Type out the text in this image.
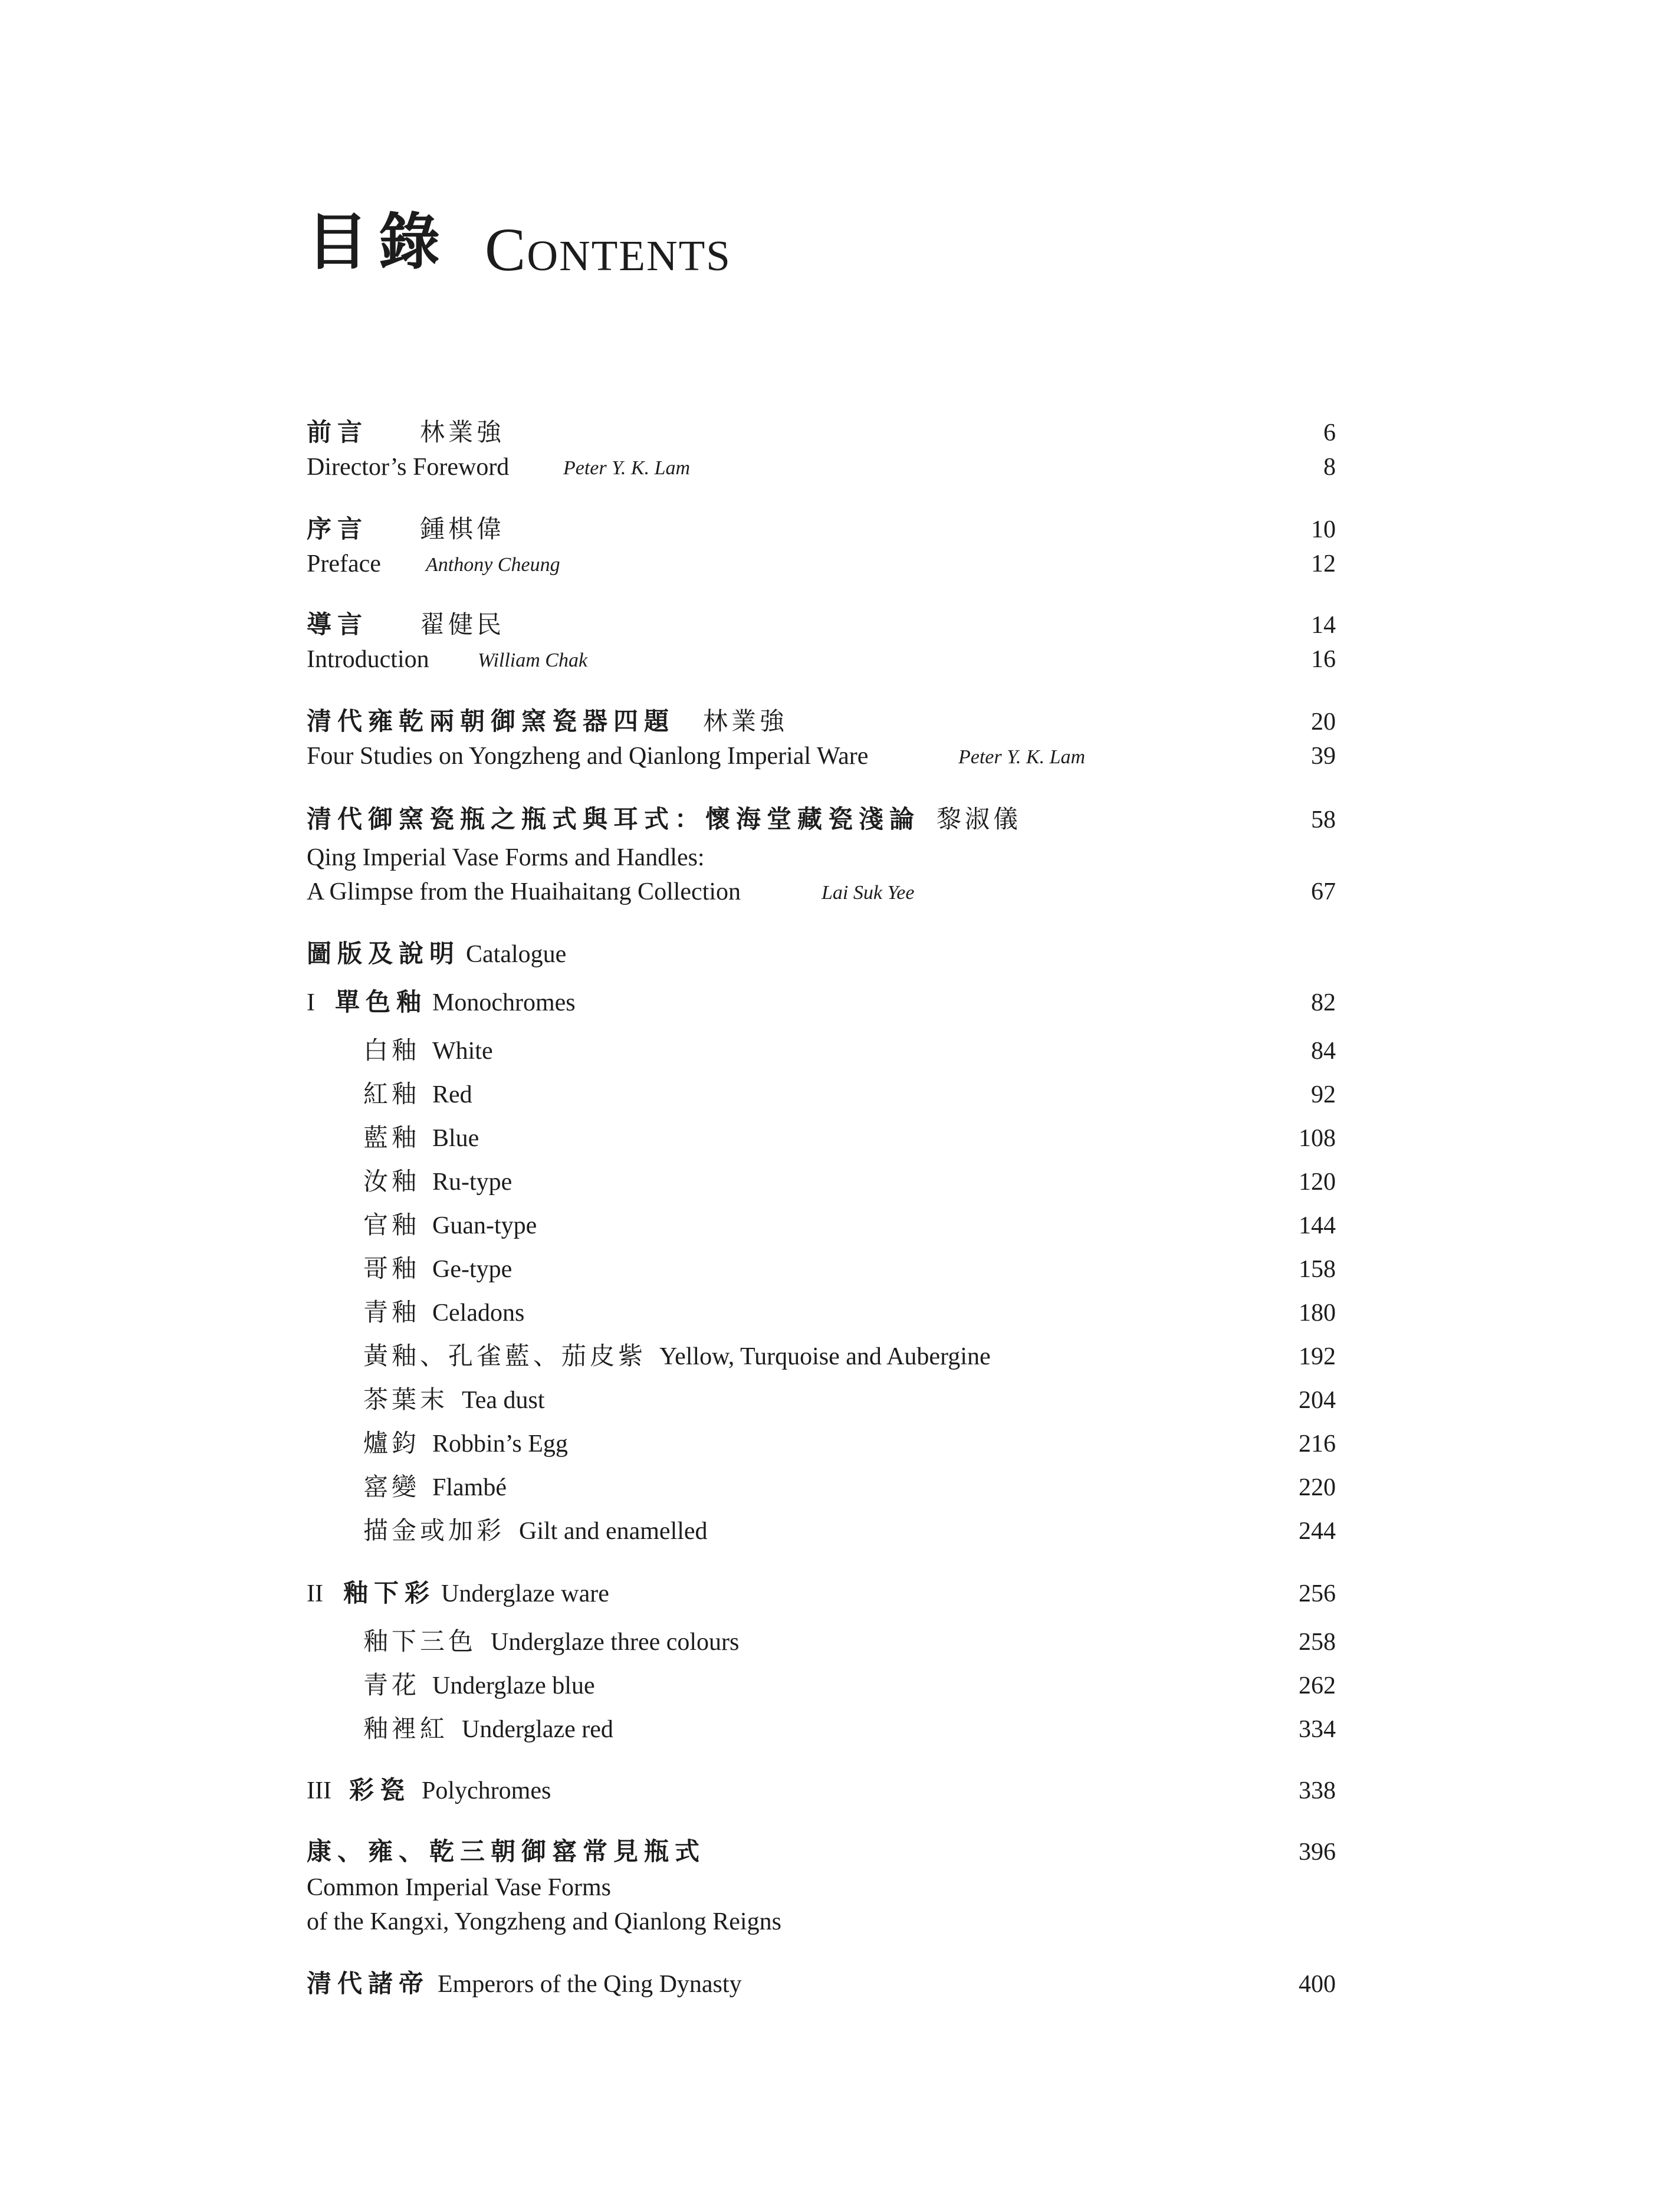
目錄 Contents
前言 林業強	6
Director’s Foreword	Peter Y. K. Lam	8
序言 鍾棋偉	10
Preface Anthony Cheung	12
導言 翟健民	14
Introduction William Chak	16
清代雍乾兩朝御窯瓷器四題 林業強	20
Four Studies on Yongzheng and Qianlong Imperial Ware	Peter Y. K. Lam	39
清代御窯瓷瓶之瓶式與耳式：懷海堂藏瓷淺論 黎淑儀	58
Qing Imperial Vase Forms and Handles:
A Glimpse from the Huaihaitang Collection	Lai Suk Yee	67
圖版及說明 Catalogue
I 單色釉 Monochromes	82
白釉 White	84
紅釉 Red	92
藍釉 Blue	108
汝釉 Ru-type	120
官釉 Guan-type	144
哥釉 Ge-type	158
青釉 Celadons	180
黃釉、孔雀藍、茄皮紫 Yellow, Turquoise and Aubergine	192
茶葉末 Tea dust	204
爐鈞 Robbin’s Egg	216
窰變 Flambé	220
描金或加彩 Gilt and enamelled	244
II 釉下彩 Underglaze ware	256
釉下三色 Underglaze three colours	258
青花 Underglaze blue	262
釉裡紅 Underglaze red	334
III 彩瓷 Polychromes	338
康、雍、乾三朝御窰常見瓶式	396
Common Imperial Vase Forms
of the Kangxi, Yongzheng and Qianlong Reigns
清代諸帝 Emperors of the Qing Dynasty	400
